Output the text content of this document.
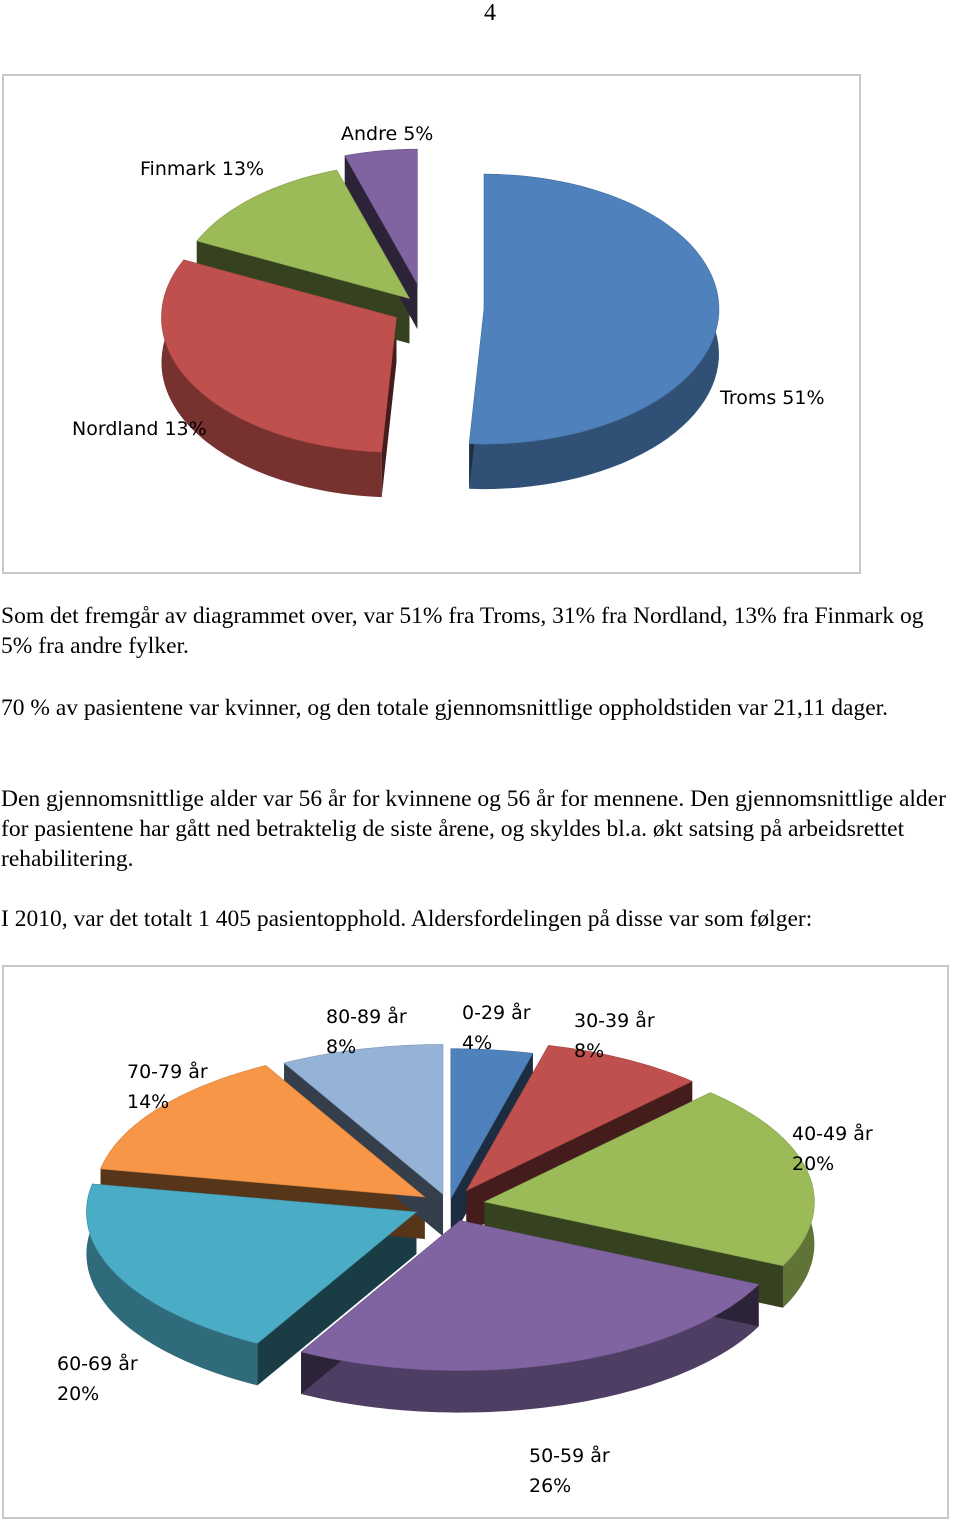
4
Troms 51%
Nordland 13%
Finmark 13%
Andre 5%

Som det fremgår av diagrammet over, var 51% fra Troms, 31% fra Nordland, 13% fra Finmark og 5% fra andre fylker.

70 % av pasientene var kvinner, og den totale gjennomsnittlige oppholdstiden var 21,11 dager.

Den gjennomsnittlige alder var 56 år for kvinnene og 56 år for mennene. Den gjennomsnittlige alder for pasientene har gått ned betraktelig de siste årene, og skyldes bl.a. økt satsing på arbeidsrettet rehabilitering.

I 2010, var det totalt 1 405 pasientopphold. Aldersfordelingen på disse var som følger:

0-29 år 4%
30-39 år 8%
40-49 år 20%
50-59 år 26%
60-69 år 20%
70-79 år 14%
80-89 år 8%
